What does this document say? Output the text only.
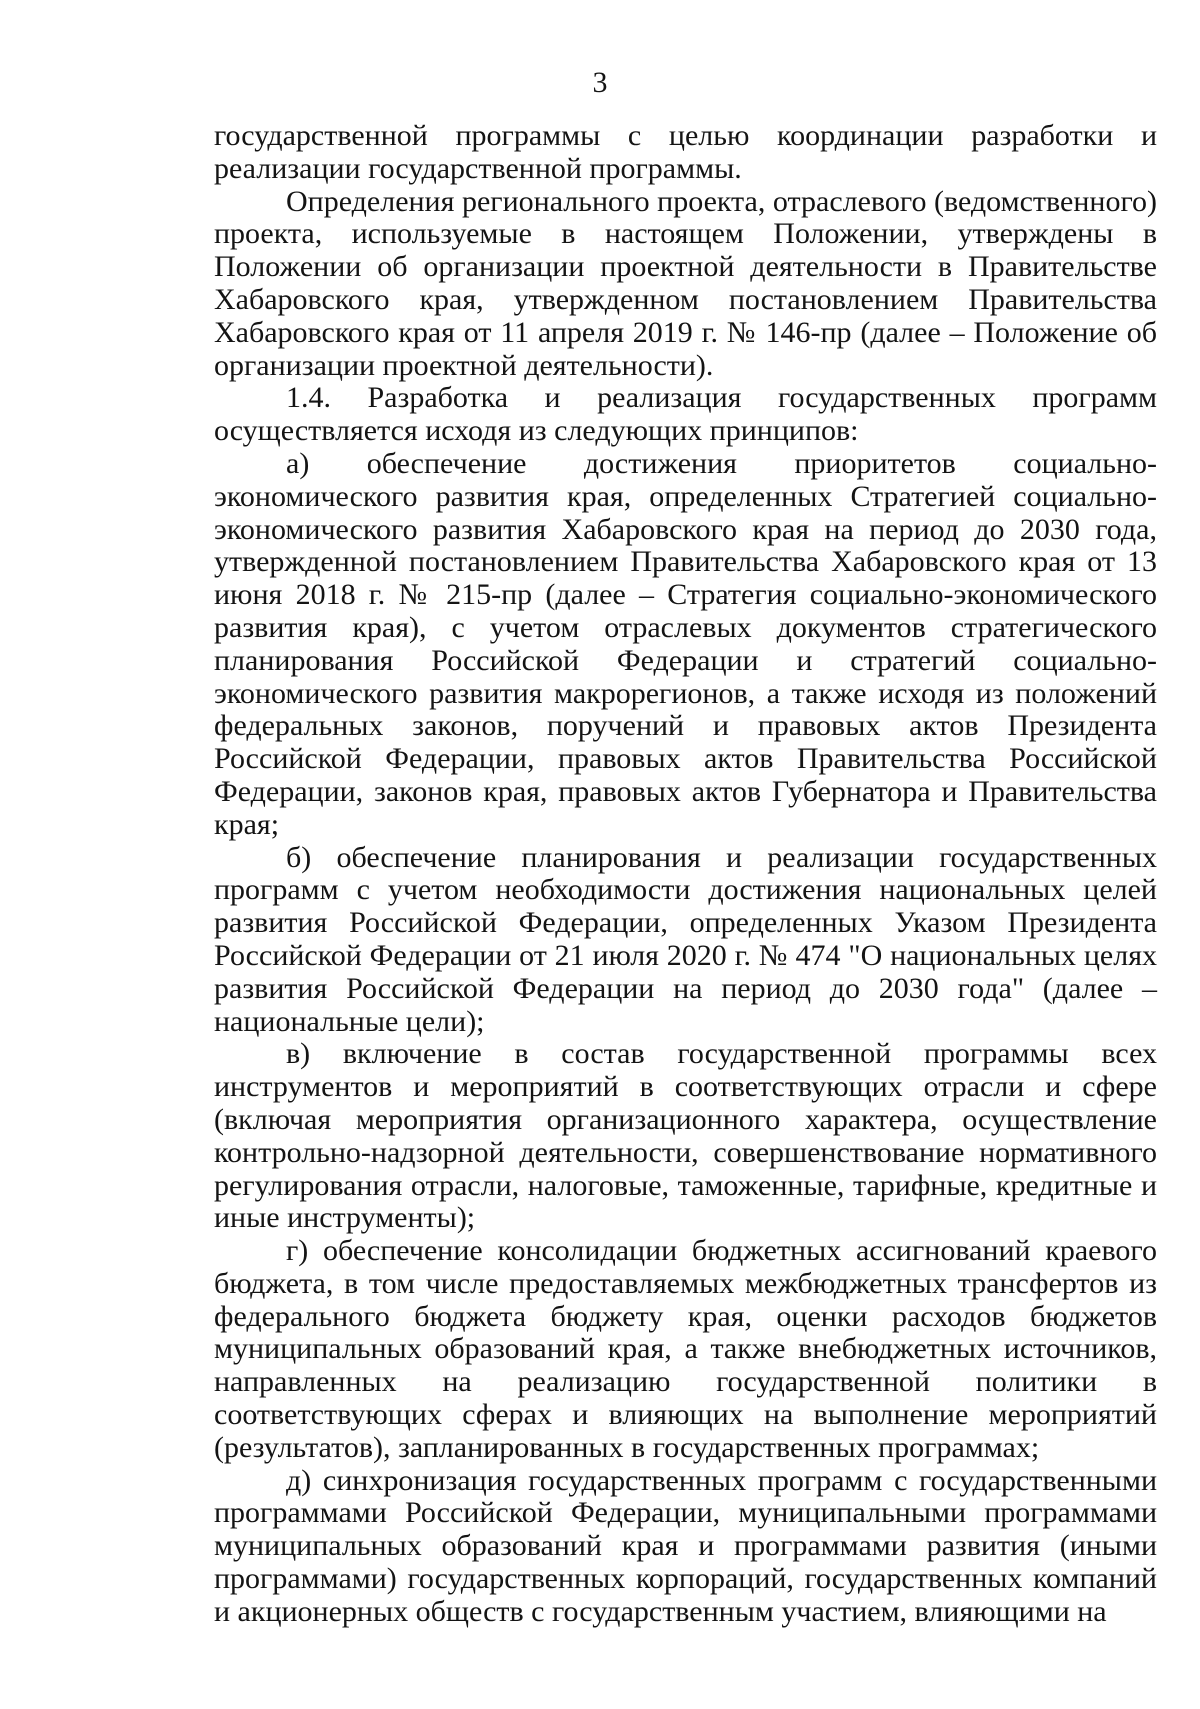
3

государственной программы с целью координации разработки и реализации государственной программы.

Определения регионального проекта, отраслевого (ведомственного) проекта, используемые в настоящем Положении, утверждены в Положении об организации проектной деятельности в Правительстве Хабаровского края, утвержденном постановлением Правительства Хабаровского края от 11 апреля 2019 г. № 146-пр (далее – Положение об организации проектной деятельности).

1.4. Разработка и реализация государственных программ осуществляется исходя из следующих принципов:

а) обеспечение достижения приоритетов социально-экономического развития края, определенных Стратегией социально-экономического развития Хабаровского края на период до 2030 года, утвержденной постановлением Правительства Хабаровского края от 13 июня 2018 г. № 215-пр (далее – Стратегия социально-экономического развития края), с учетом отраслевых документов стратегического планирования Российской Федерации и стратегий социально-экономического развития макрорегионов, а также исходя из положений федеральных законов, поручений и правовых актов Президента Российской Федерации, правовых актов Правительства Российской Федерации, законов края, правовых актов Губернатора и Правительства края;

б) обеспечение планирования и реализации государственных программ с учетом необходимости достижения национальных целей развития Российской Федерации, определенных Указом Президента Российской Федерации от 21 июля 2020 г. № 474 "О национальных целях развития Российской Федерации на период до 2030 года" (далее – национальные цели);

в) включение в состав государственной программы всех инструментов и мероприятий в соответствующих отрасли и сфере (включая мероприятия организационного характера, осуществление контрольно-надзорной деятельности, совершенствование нормативного регулирования отрасли, налоговые, таможенные, тарифные, кредитные и иные инструменты);

г) обеспечение консолидации бюджетных ассигнований краевого бюджета, в том числе предоставляемых межбюджетных трансфертов из федерального бюджета бюджету края, оценки расходов бюджетов муниципальных образований края, а также внебюджетных источников, направленных на реализацию государственной политики в соответствующих сферах и влияющих на выполнение мероприятий (результатов), запланированных в государственных программах;

д) синхронизация государственных программ с государственными программами Российской Федерации, муниципальными программами муниципальных образований края и программами развития (иными программами) государственных корпораций, государственных компаний и акционерных обществ с государственным участием, влияющими на
